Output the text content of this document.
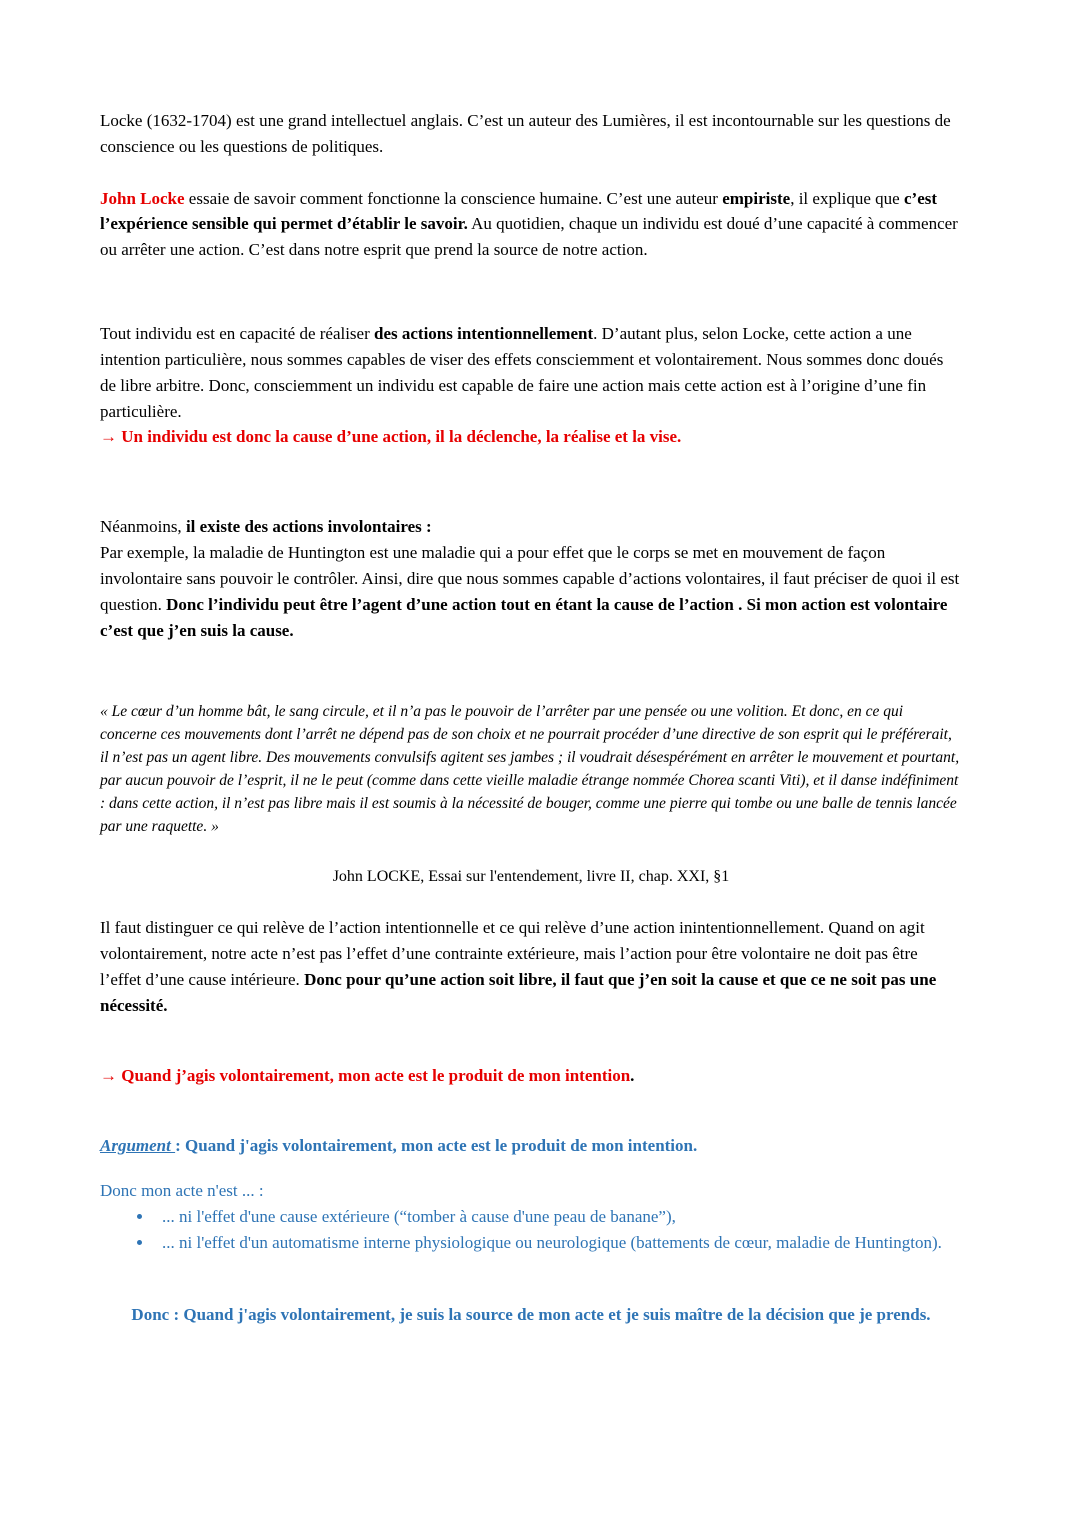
Locke (1632-1704) est une grand intellectuel anglais. C’est un auteur des Lumières, il est incontournable sur les questions de conscience ou les questions de politiques.

John Locke essaie de savoir comment fonctionne la conscience humaine. C’est une auteur empiriste, il explique que c’est l’expérience sensible qui permet d’établir le savoir. Au quotidien, chaque un individu est doué d’une capacité à commencer ou arrêter une action. C’est dans notre esprit que prend la source de notre action.

Tout individu est en capacité de réaliser des actions intentionnellement. D’autant plus, selon Locke, cette action a une intention particulière, nous sommes capables de viser des effets consciemment et volontairement. Nous sommes donc doués de libre arbitre. Donc, consciemment un individu est capable de faire une action mais cette action est à l’origine d’une fin particulière.

→ Un individu est donc la cause d’une action, il la déclenche, la réalise et la vise.

Néanmoins, il existe des actions involontaires :

Par exemple, la maladie de Huntington est une maladie qui a pour effet que le corps se met en mouvement de façon involontaire sans pouvoir le contrôler. Ainsi, dire que nous sommes capable d’actions volontaires, il faut préciser de quoi il est question. Donc l’individu peut être l’agent d’une action tout en étant la cause de l’action . Si mon action est volontaire c’est que j’en suis la cause.

« Le cœur d’un homme bât, le sang circule, et il n’a pas le pouvoir de l’arrêter par une pensée ou une volition. Et donc, en ce qui concerne ces mouvements dont l’arrêt ne dépend pas de son choix et ne pourrait procéder d’une directive de son esprit qui le préférerait, il n’est pas un agent libre. Des mouvements convulsifs agitent ses jambes ; il voudrait désespérément en arrêter le mouvement et pourtant, par aucun pouvoir de l’esprit, il ne le peut (comme dans cette vieille maladie étrange nommée Chorea scanti Viti), et il danse indéfiniment : dans cette action, il n’est pas libre mais il est soumis à la nécessité de bouger, comme une pierre qui tombe ou une balle de tennis lancée par une raquette. »

John LOCKE, Essai sur l'entendement, livre II, chap. XXI, §1

Il faut distinguer ce qui relève de l’action intentionnelle et ce qui relève d’une action inintentionnellement. Quand on agit volontairement, notre acte n’est pas l’effet d’une contrainte extérieure, mais l’action pour être volontaire ne doit pas être l’effet d’une cause intérieure. Donc pour qu’une action soit libre, il faut que j’en soit la cause et que ce ne soit pas une nécessité.

→ Quand j’agis volontairement, mon acte est le produit de mon intention.

Argument : Quand j'agis volontairement, mon acte est le produit de mon intention.

Donc mon acte n'est ... :

• ... ni l'effet d'une cause extérieure (“tomber à cause d'une peau de banane”),
• ... ni l'effet d'un automatisme interne physiologique ou neurologique (battements de cœur, maladie de Huntington).

Donc : Quand j'agis volontairement, je suis la source de mon acte et je suis maître de la décision que je prends.
